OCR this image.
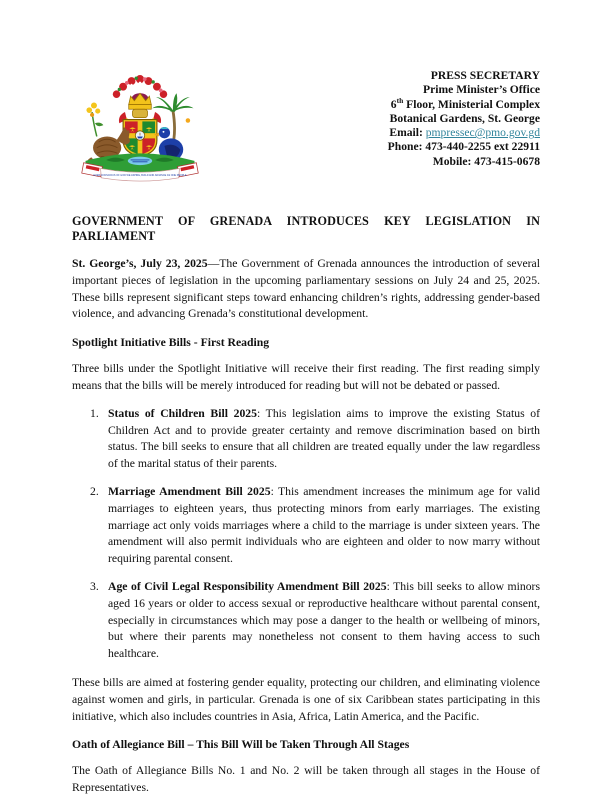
EVER CONSCIOUS OF GOD WE ASPIRE, BUILD AND ADVANCE AS ONE PEOPLE
PRESS SECRETARY
Prime Minister’s Office
6th Floor, Ministerial Complex
Botanical Gardens, St. George
Email: pmpressec@pmo.gov.gd
Phone: 473-440-2255 ext 22911
Mobile: 473-415-0678
GOVERNMENT OF GRENADA INTRODUCES KEY LEGISLATION IN PARLIAMENT

St. George’s, July 23, 2025—The Government of Grenada announces the introduction of several important pieces of legislation in the upcoming parliamentary sessions on July 24 and 25, 2025. These bills represent significant steps toward enhancing children’s rights, addressing gender-based violence, and advancing Grenada’s constitutional development.

Spotlight Initiative Bills - First Reading

Three bills under the Spotlight Initiative will receive their first reading. The first reading simply means that the bills will be merely introduced for reading but will not be debated or passed.

1. Status of Children Bill 2025: This legislation aims to improve the existing Status of Children Act and to provide greater certainty and remove discrimination based on birth status. The bill seeks to ensure that all children are treated equally under the law regardless of the marital status of their parents.
2. Marriage Amendment Bill 2025: This amendment increases the minimum age for valid marriages to eighteen years, thus protecting minors from early marriages. The existing marriage act only voids marriages where a child to the marriage is under sixteen years. The amendment will also permit individuals who are eighteen and older to now marry without requiring parental consent.
3. Age of Civil Legal Responsibility Amendment Bill 2025: This bill seeks to allow minors aged 16 years or older to access sexual or reproductive healthcare without parental consent, especially in circumstances which may pose a danger to the health or wellbeing of minors, but where their parents may nonetheless not consent to them having access to such healthcare.

These bills are aimed at fostering gender equality, protecting our children, and eliminating violence against women and girls, in particular. Grenada is one of six Caribbean states participating in this initiative, which also includes countries in Asia, Africa, Latin America, and the Pacific.

Oath of Allegiance Bill – This Bill Will be Taken Through All Stages

The Oath of Allegiance Bills No. 1 and No. 2 will be taken through all stages in the House of Representatives.
